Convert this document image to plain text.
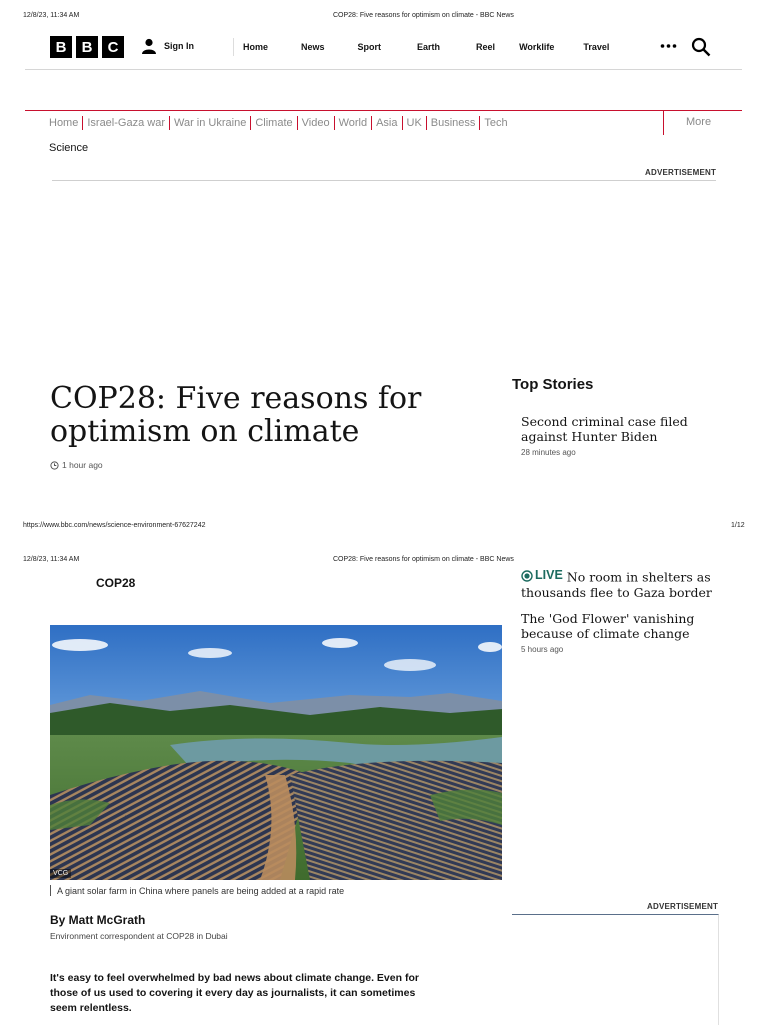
12/8/23, 11:34 AM	COP28: Five reasons for optimism on climate - BBC News
B	B	C	Sign In	Home	News	Sport	Earth	Reel	Worklife	Travel
Home Israel-Gaza war War in Ukraine Climate Video World Asia UK Business Tech	More
Science
ADVERTISEMENT
COP28: Five reasons for
optimism on climate
1 hour ago
Top Stories
Second criminal case filed
against Hunter Biden
28 minutes ago
https://www.bbc.com/news/science-environment-67627242	1/12
12/8/23, 11:34 AM	COP28: Five reasons for optimism on climate - BBC News
COP28
LIVE No room in shelters as
thousands flee to Gaza border
The 'God Flower' vanishing
because of climate change
5 hours ago
VCG
A giant solar farm in China where panels are being added at a rapid rate
By Matt McGrath
Environment correspondent at COP28 in Dubai
It's easy to feel overwhelmed by bad news about climate change. Even for
those of us used to covering it every day as journalists, it can sometimes
seem relentless.
ADVERTISEMENT
